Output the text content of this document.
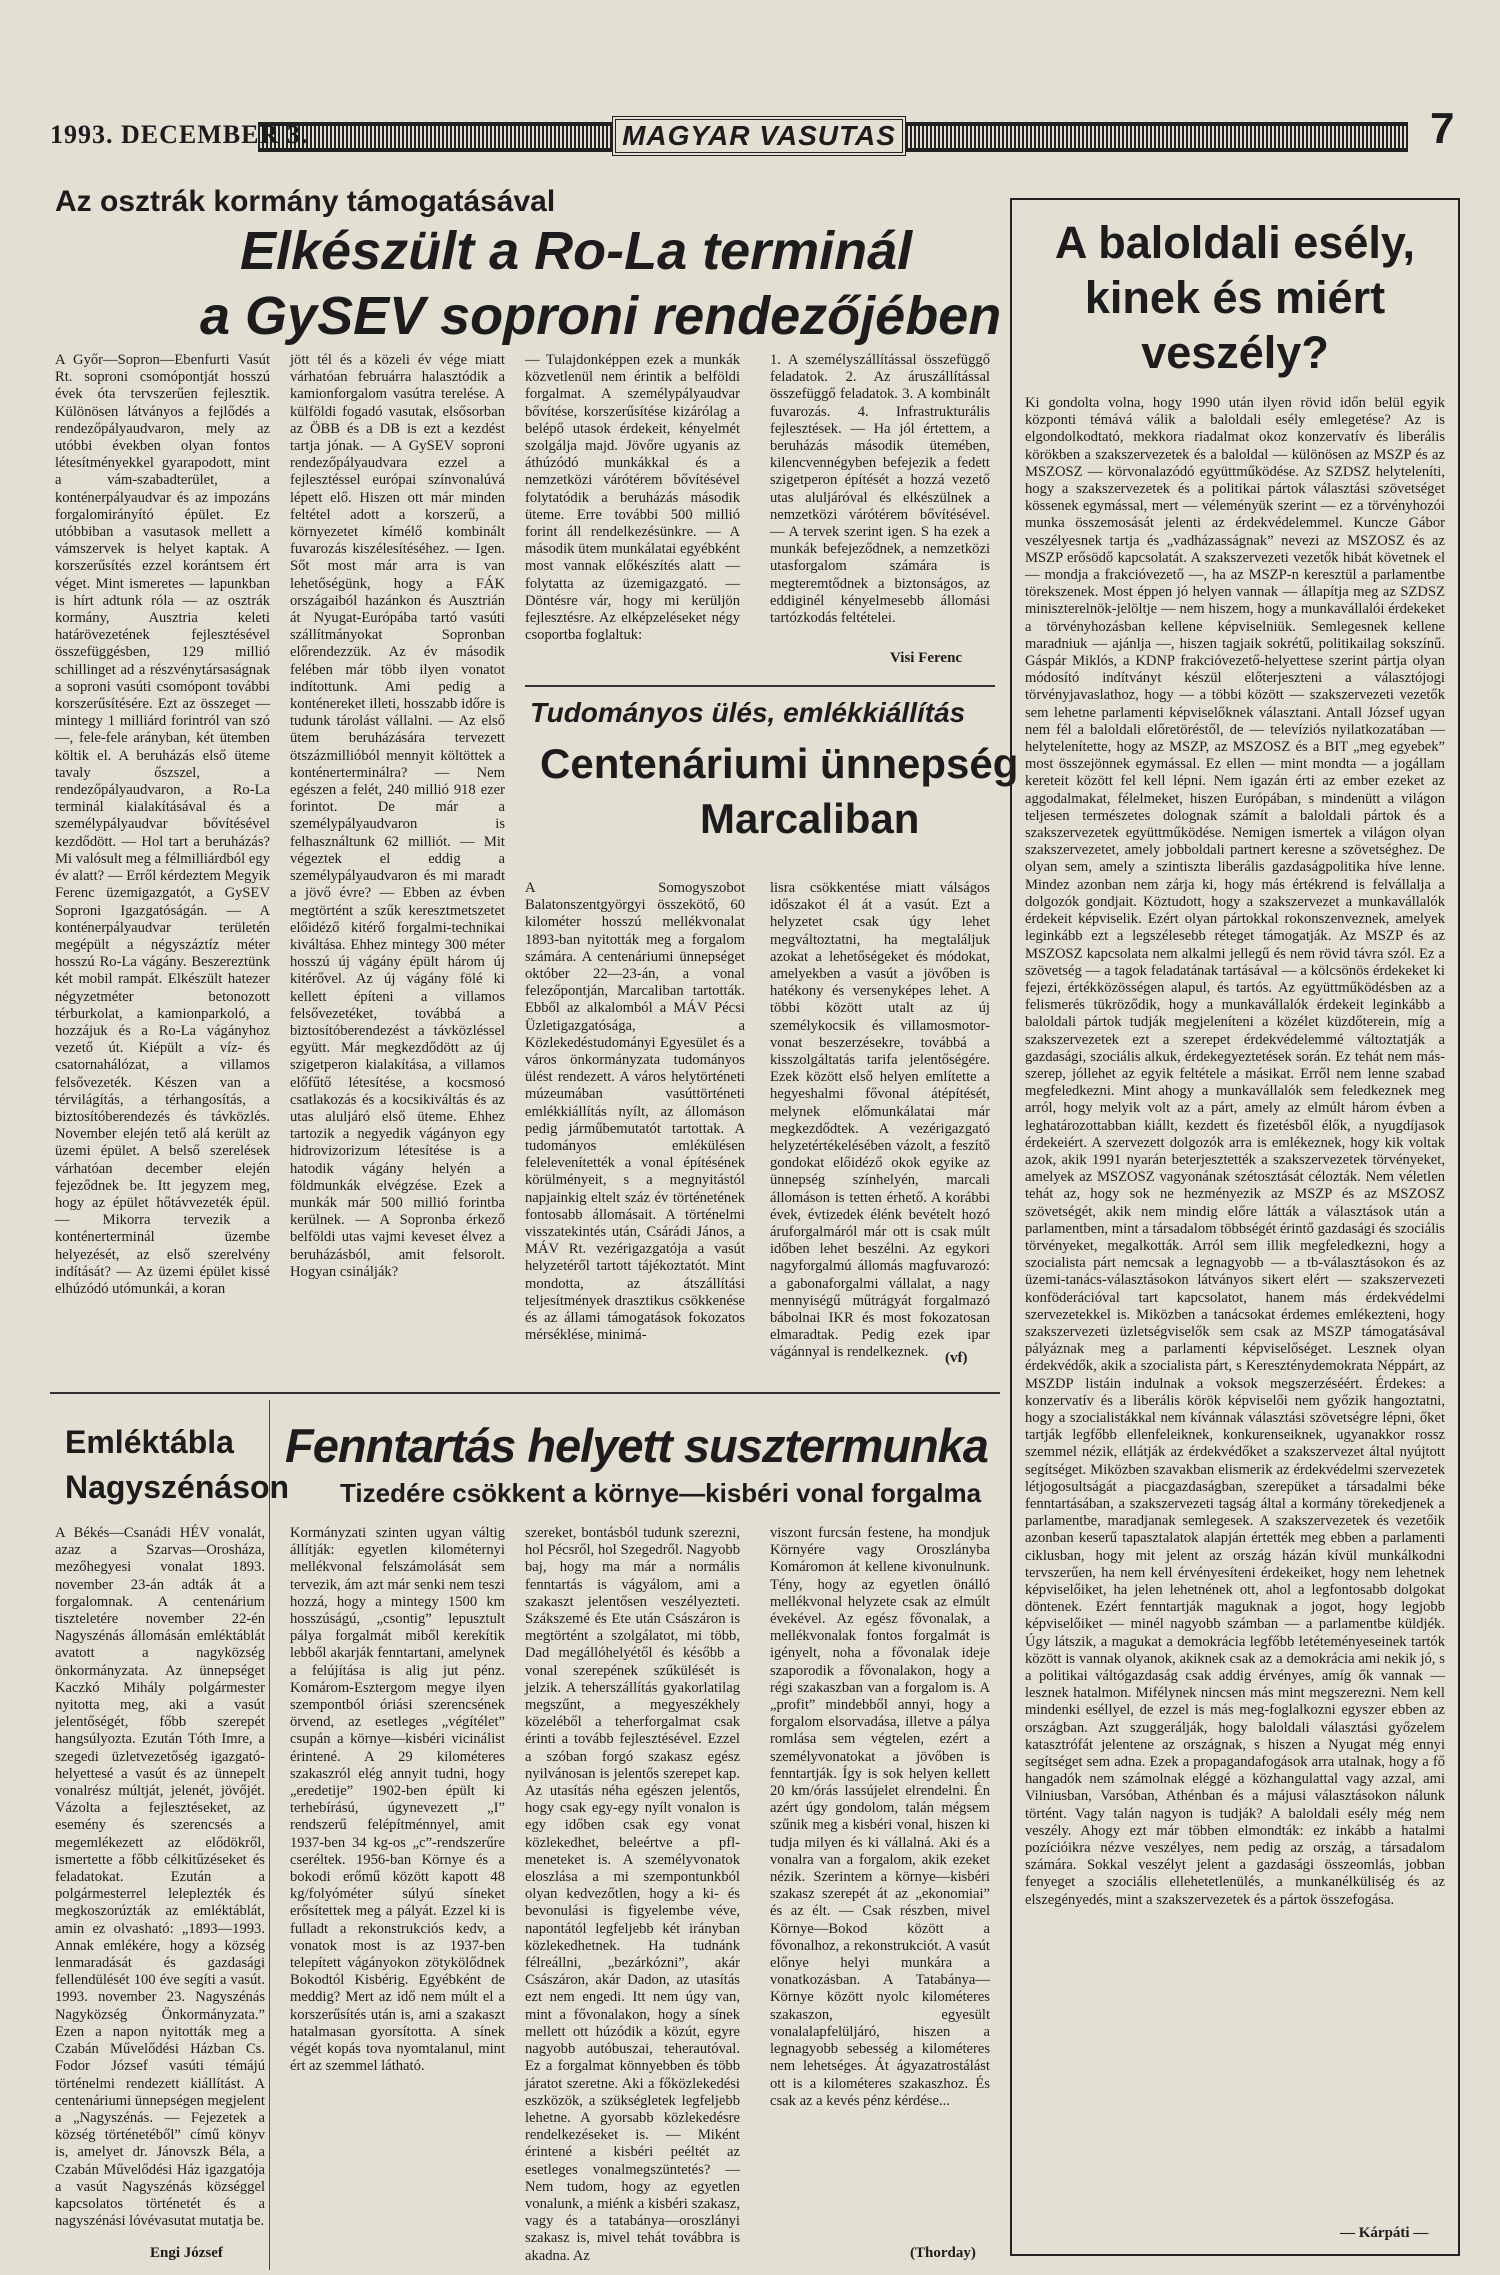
1993. DECEMBER 3.	MAGYAR VASUTAS	7
Az osztrák kormány támogatásával
Elkészült a Ro-La terminál
a GySEV soproni rendezőjében
A Győr—Sopron—Ebenfurti Vasút Rt. soproni csomópontját hosszú évek óta tervszerűen fejlesztik. Különösen látványos a fejlődés a rendezőpályaudvaron, mely az utóbbi években olyan fontos létesítményekkel gyarapodott, mint a vám-szabadterület, a konténerpályaudvar és az impozáns forgalomirányító épület. Ez utóbbiban a vasutasok mellett a vámszervek is helyet kaptak. A korszerűsítés ezzel korántsem ért véget. Mint ismeretes — lapunkban is hírt adtunk róla — az osztrák kormány, Ausztria keleti határövezetének fejlesztésével összefüggésben, 129 millió schillinget ad a részvénytársaságnak a soproni vasúti csomópont további korszerűsítésére. Ezt az összeget — mintegy 1 milliárd forintról van szó —, fele-fele arányban, két ütemben költik el. A beruházás első üteme tavaly őszszel, a rendezőpályaudvaron, a Ro-La terminál kialakításával és a személypályaudvar bővítésével kezdődött. — Hol tart a beruházás? Mi valósult meg a félmilliárdból egy év alatt? — Erről kérdeztem Megyik Ferenc üzemigazgatót, a GySEV Soproni Igazgatóságán. — A konténerpályaudvar területén megépült a négyszáztíz méter hosszú Ro-La vágány. Beszereztünk két mobil rampát. Elkészült hatezer négyzetméter betonozott térburkolat, a kamionparkoló, a hozzájuk és a Ro-La vágányhoz vezető út. Kiépült a víz- és csatornahálózat, a villamos felsővezeték. Készen van a térvilágítás, a térhangosítás, a biztosítóberendezés és távközlés. November elején tető alá került az üzemi épület. A belső szerelések várhatóan december elején fejeződnek be. Itt jegyzem meg, hogy az épület hőtávvezeték épül. — Mikorra tervezik a konténerterminál üzembe helyezését, az első szerelvény indítását? — Az üzemi épület kissé elhúzódó utómunkái, a koran
jött tél és a közeli év vége miatt várhatóan februárra halasztódik a kamionforgalom vasútra terelése. A külföldi fogadó vasutak, elsősorban az ÖBB és a DB is ezt a kezdést tartja jónak. — A GySEV soproni rendezőpályaudvara ezzel a fejlesztéssel európai színvonalúvá lépett elő. Hiszen ott már minden feltétel adott a korszerű, a környezetet kímélő kombinált fuvarozás kiszélesítéséhez. — Igen. Sőt most már arra is van lehetőségünk, hogy a FÁK országaiból hazánkon és Ausztrián át Nyugat-Európába tartó vasúti szállítmányokat Sopronban előrendezzük. Az év második felében már több ilyen vonatot indítottunk. Ami pedig a konténereket illeti, hosszabb időre is tudunk tárolást vállalni. — Az első ütem beruházására tervezett ötszázmillióból mennyit költöttek a konténerterminálra? — Nem egészen a felét, 240 millió 918 ezer forintot. De már a személypályaudvaron is felhasználtunk 62 milliót. — Mit végeztek el eddig a személypályaudvaron és mi maradt a jövő évre? — Ebben az évben megtörtént a szűk keresztmetszetet előidéző kitérő forgalmi-technikai kiváltása. Ehhez mintegy 300 méter hosszú új vágány épült három új kitérővel. Az új vágány fölé ki kellett építeni a villamos felsővezetéket, továbbá a biztosítóberendezést a távközléssel együtt. Már megkezdődött az új szigetperon kialakítása, a villamos előfűtő létesítése, a kocsmosó csatlakozás és a kocsikiváltás és az utas aluljáró első üteme. Ehhez tartozik a negyedik vágányon egy hidrovizorizum létesítése is a hatodik vágány helyén a földmunkák elvégzése. Ezek a munkák már 500 millió forintba kerülnek. — A Sopronba érkező belföldi utas vajmi keveset élvez a beruházásból, amit felsorolt. Hogyan csinálják?
— Tulajdonképpen ezek a munkák közvetlenül nem érintik a belföldi forgalmat. A személypályaudvar bővítése, korszerűsítése kizárólag a belépő utasok érdekeit, kényelmét szolgálja majd. Jövőre ugyanis az áthúzódó munkákkal és a nemzetközi várótérem bővítésével folytatódik a beruházás második üteme. Erre további 500 millió forint áll rendelkezésünkre. — A második ütem munkálatai egyébként most vannak előkészítés alatt — folytatta az üzemigazgató. — Döntésre vár, hogy mi kerüljön fejlesztésre. Az elképzeléseket négy csoportba foglaltuk:
1. A személyszállítással összefüggő feladatok. 2. Az áruszállítással összefüggő feladatok. 3. A kombinált fuvarozás. 4. Infrastrukturális fejlesztések. — Ha jól értettem, a beruházás második ütemében, kilencvennégyben befejezik a fedett szigetperon építését a hozzá vezető utas aluljáróval és elkészülnek a nemzetközi várótérem bővítésével. — A tervek szerint igen. S ha ezek a munkák befejeződnek, a nemzetközi utasforgalom számára is megteremtődnek a biztonságos, az eddiginél kényelmesebb állomási tartózkodás feltételei.
Visi Ferenc
Tudományos ülés, emlékkiállítás
Centenáriumi ünnepség
Marcaliban
A Somogyszobot Balatonszentgyörgyi összekötő, 60 kilométer hosszú mellékvonalat 1893-ban nyitották meg a forgalom számára. A centenáriumi ünnepséget október 22—23-án, a vonal felezőpontján, Marcaliban tartották. Ebből az alkalomból a MÁV Pécsi Üzletigazgatósága, a Közlekedéstudományi Egyesület és a város önkormányzata tudományos ülést rendezett. A város helytörténeti múzeumában vasúttörténeti emlékkiállítás nyílt, az állomáson pedig járműbemutatót tartottak. A tudományos emlékülésen felelevenítették a vonal építésének körülményeit, s a megnyitástól napjainkig eltelt száz év történetének fontosabb állomásait. A történelmi visszatekintés után, Csárádi János, a MÁV Rt. vezérigazgatója a vasút helyzetéről tartott tájékoztatót. Mint mondotta, az átszállítási teljesítmények drasztikus csökkenése és az állami támogatások fokozatos mérséklése, minimá-
lisra csökkentése miatt válságos időszakot él át a vasút. Ezt a helyzetet csak úgy lehet megváltoztatni, ha megtaláljuk azokat a lehetőségeket és módokat, amelyekben a vasút a jövőben is hatékony és versenyképes lehet. A többi között utalt az új személykocsik és villamosmotor-vonat beszerzésekre, továbbá a kisszolgáltatás tarifa jelentőségére. Ezek között első helyen említette a hegyeshalmi fővonal átépítését, melynek előmunkálatai már megkezdődtek. A vezérigazgató helyzetértékelésében vázolt, a feszítő gondokat előidéző okok egyike az ünnepség színhelyén, marcali állomáson is tetten érhető. A korábbi évek, évtizedek élénk bevételt hozó áruforgalmáról már ott is csak múlt időben lehet beszélni. Az egykori nagyforgalmú állomás magfuvarozó: a gabonaforgalmi vállalat, a nagy mennyiségű műtrágyát forgalmazó bábolnai IKR és most fokozatosan elmaradtak. Pedig ezek ipar vágánnyal is rendelkeznek.	(vf)
Emléktábla Nagyszénáson
A Békés—Csanádi HÉV vonalát, azaz a Szarvas—Orosháza, mezőhegyesi vonalat 1893. november 23-án adták át a forgalomnak. A centenárium tiszteletére november 22-én Nagyszénás állomásán emléktáblát avatott a nagyközség önkormányzata. Az ünnepséget Kaczkó Mihály polgármester nyitotta meg, aki a vasút jelentőségét, főbb szerepét hangsúlyozta. Ezután Tóth Imre, a szegedi üzletvezetőség igazgató-helyettesé a vasút és az ünnepelt vonalrész múltját, jelenét, jövőjét. Vázolta a fejlesztéseket, az esemény és szerencsés a megemlékezett az elődökről, ismertette a főbb célkitűzéseket és feladatokat. Ezután a polgármesterrel leleplezték és megkoszorúzták az emléktáblát, amin ez olvasható: „1893—1993. Annak emlékére, hogy a község lenmaradását és gazdasági fellendülését 100 éve segíti a vasút. 1993. november 23. Nagyszénás Nagyközség Önkormányzata.” Ezen a napon nyitották meg a Czabán Művelődési Házban Cs. Fodor József vasúti témájú történelmi rendezett kiállítást. A centenáriumi ünnepségen megjelent a „Nagyszénás. — Fejezetek a község történetéből” című könyv is, amelyet dr. Jánovszk Béla, a Czabán Művelődési Ház igazgatója a vasút Nagyszénás községgel kapcsolatos történetét és a nagyszénási lóvévasutat mutatja be.
Engi József
Fenntartás helyett susztermunka
Tizedére csökkent a környe—kisbéri vonal forgalma
Kormányzati szinten ugyan váltig állítják: egyetlen kilométernyi mellékvonal felszámolását sem tervezik, ám azt már senki nem teszi hozzá, hogy a mintegy 1500 km hosszúságú, „csontig” lepusztult pálya forgalmát miből kerekítik lebből akarják fenntartani, amelynek a felújítása is alig jut pénz. Komárom-Esztergom megye ilyen szempontból óriási szerencsének örvend, az esetleges „végítélet” csupán a környe—kisbéri vicinálist érintené. A 29 kilométeres szakaszról elég annyit tudni, hogy „eredetije” 1902-ben épült ki terhebírású, úgynevezett „I” rendszerű felépítménnyel, amit 1937-ben 34 kg-os „c”-rendszerűre cseréltek. 1956-ban Környe és a bokodi erőmű között kapott 48 kg/folyóméter súlyú síneket erősítettek meg a pályát. Ezzel ki is fulladt a rekonstrukciós kedv, a vonatok most is az 1937-ben telepített vágányokon zötykölődnek Bokodtól Kisbérig. Egyébként de meddig? Mert az idő nem múlt el a korszerűsítés után is, ami a szakaszt hatalmasan gyorsította. A sínek végét kopás tova nyomtalanul, mint ért az szemmel látható.
szereket, bontásból tudunk szerezni, hol Pécsről, hol Szegedről. Nagyobb baj, hogy ma már a normális fenntartás is vágyálom, ami a szakaszt jelentősen veszélyezteti. Szákszemé és Ete után Császáron is megtörtént a szolgálatot, mi több, Dad megállóhelyétől és később a vonal szerepének szűkülését is jelzik. A teherszállítás gyakorlatilag megszűnt, a megyeszékhely közeléből a teherforgalmat csak érinti a tovább fejlesztésével. Ezzel a szóban forgó szakasz egész nyilvánosan is jelentős szerepet kap. Az utasítás néha egészen jelentős, hogy csak egy-egy nyílt vonalon is egy időben csak egy vonat közlekedhet, beleértve a pfl-meneteket is. A személyvonatok eloszlása a mi szempontunkból olyan kedvezőtlen, hogy a ki- és bevonulási is figyelembe véve, napontától legfeljebb két irányban közlekedhetnek. Ha tudnánk félreállni, „bezárkózni”, akár Császáron, akár Dadon, az utasítás ezt nem engedi. Itt nem úgy van, mint a fővonalakon, hogy a sínek mellett ott húzódik a közút, egyre nagyobb autóbuszai, teherautóval. Ez a forgalmat könnyebben és több járatot szeretne. Aki a főközlekedési eszközök, a szükségletek legfeljebb lehetne. A gyorsabb közlekedésre rendelkezéseket is. — Miként érintené a kisbéri peéltét az esetleges vonalmegszüntetés? — Nem tudom, hogy az egyetlen vonalunk, a miénk a kisbéri szakasz, vagy és a tatabánya—oroszlányi szakasz is, mivel tehát továbbra is akadna. Az
viszont furcsán festene, ha mondjuk Környére vagy Oroszlányba Komáromon át kellene kivonulnunk. Tény, hogy az egyetlen önálló mellékvonal helyzete csak az elmúlt évekével. Az egész fővonalak, a mellékvonalak fontos forgalmát is igényelt, noha a fővonalak ideje szaporodik a fővonalakon, hogy a régi szakaszban van a forgalom is. A „profit” mindebből annyi, hogy a forgalom elsorvadása, illetve a pálya romlása sem végtelen, ezért a személyvonatokat a jövőben is fenntartják. Így is sok helyen kellett 20 km/órás lassújelet elrendelni. Én azért úgy gondolom, talán mégsem szűnik meg a kisbéri vonal, hiszen ki tudja milyen és ki vállalná. Aki és a vonalra van a forgalom, akik ezeket nézik. Szerintem a környe—kisbéri szakasz szerepét át az „ekonomiai” és az élt. — Csak részben, mivel Környe—Bokod között a fővonalhoz, a rekonstrukciót. A vasút előnye helyi munkára a vonatkozásban. A Tatabánya—Környe között nyolc kilométeres szakaszon, egyesült vonalalapfelüljáró, hiszen a legnagyobb sebesség a kilométeres nem lehetséges. Át ágyazatrostálást ott is a kilométeres szakaszhoz. És csak az a kevés pénz kérdése...
(Thorday)
A baloldali esély, kinek és miért veszély?
Ki gondolta volna, hogy 1990 után ilyen rövid időn belül egyik központi témává válik a baloldali esély emlegetése? Az is elgondolkodtató, mekkora riadalmat okoz konzervatív és liberális körökben a szakszervezetek és a baloldal — különösen az MSZP és az MSZOSZ — körvonalazódó együttműködése. Az SZDSZ helyteleníti, hogy a szakszervezetek és a politikai pártok választási szövetséget kössenek egymással, mert — véleményük szerint — ez a törvényhozói munka összemosását jelenti az érdekvédelemmel. Kuncze Gábor veszélyesnek tartja és „vadházasságnak” nevezi az MSZOSZ és az MSZP erősödő kapcsolatát. A szakszervezeti vezetők hibát követnek el — mondja a frakcióvezető —, ha az MSZP-n keresztül a parlamentbe törekszenek. Most éppen jó helyen vannak — állapítja meg az SZDSZ miniszterelnök-jelöltje — nem hiszem, hogy a munkavállalói érdekeket a törvényhozásban kellene képviselniük. Semlegesnek kellene maradniuk — ajánlja —, hiszen tagjaik sokrétű, politikailag sokszínű. Gáspár Miklós, a KDNP frakcióvezető-helyettese szerint pártja olyan módosító indítványt készül előterjeszteni a választójogi törvényjavaslathoz, hogy — a többi között — szakszervezeti vezetők sem lehetne parlamenti képviselőknek választani. Antall József ugyan nem fél a baloldali előretöréstől, de — televíziós nyilatkozatában — helytelenítette, hogy az MSZP, az MSZOSZ és a BIT „meg egyebek” most összejönnek egymással. Ez ellen — mint mondta — a jogállam kereteit között fel kell lépni. Nem igazán érti az ember ezeket az aggodalmakat, félelmeket, hiszen Európában, s mindenütt a világon teljesen természetes dolognak számít a baloldali pártok és a szakszervezetek együttműködése. Nemigen ismertek a világon olyan szakszervezetet, amely jobboldali partnert keresne a szövetséghez. De olyan sem, amely a szintiszta liberális gazdaságpolitika híve lenne. Mindez azonban nem zárja ki, hogy más értékrend is felvállalja a dolgozók gondjait. Köztudott, hogy a szakszervezet a munkavállalók érdekeit képviselik. Ezért olyan pártokkal rokonszenveznek, amelyek leginkább ezt a legszélesebb réteget támogatják. Az MSZP és az MSZOSZ kapcsolata nem alkalmi jellegű és nem rövid távra szól. Ez a szövetség — a tagok feladatának tartásával — a kölcsönös érdekeket ki fejezi, értékközösségen alapul, és tartós. Az együttműködésben az a felismerés tükröződik, hogy a munkavállalók érdekeit leginkább a baloldali pártok tudják megjeleníteni a közélet küzdőterein, míg a szakszervezetek ezt a szerepet érdekvédelemmé változtatják a gazdasági, szociális alkuk, érdekegyeztetések során. Ez tehát nem más-szerep, jóllehet az egyik feltétele a másikat. Erről nem lenne szabad megfeledkezni. Mint ahogy a munkavállalók sem feledkeznek meg arról, hogy melyik volt az a párt, amely az elmúlt három évben a leghatározottabban kiállt, kezdett és fizetésből élők, a nyugdíjasok érdekeiért. A szervezett dolgozók arra is emlékeznek, hogy kik voltak azok, akik 1991 nyarán beterjesztették a szakszervezetek törvényeket, amelyek az MSZOSZ vagyonának szétosztását célozták. Nem véletlen tehát az, hogy sok ne hezményezik az MSZP és az MSZOSZ szövetségét, akik nem mindig előre látták a választások után a parlamentben, mint a társadalom többségét érintő gazdasági és szociális törvényeket, megalkották. Arról sem illik megfeledkezni, hogy a szocialista párt nemcsak a legnagyobb — a tb-választásokon és az üzemi-tanács-választásokon látványos sikert elért — szakszervezeti konföderációval tart kapcsolatot, hanem más érdekvédelmi szervezetekkel is. Miközben a tanácsokat érdemes emlékezteni, hogy szakszervezeti üzletségviselők sem csak az MSZP támogatásával pályáznak meg a parlamenti képviselőséget. Lesznek olyan érdekvédők, akik a szocialista párt, s Kereszténydemokrata Néppárt, az MSZDP listáin indulnak a voksok megszerzéséért. Érdekes: a konzervatív és a liberális körök képviselői nem győzik hangoztatni, hogy a szocialistákkal nem kívánnak választási szövetségre lépni, őket tartják legfőbb ellenfeleiknek, konkurenseiknek, ugyanakkor rossz szemmel nézik, ellátják az érdekvédőket a szakszervezet által nyújtott segítséget. Miközben szavakban elismerik az érdekvédelmi szervezetek létjogosultságát a piacgazdaságban, szerepüket a társadalmi béke fenntartásában, a szakszervezeti tagság által a kormány törekedjenek a parlamentbe, maradjanak semlegesek. A szakszervezetek és vezetőik azonban keserű tapasztalatok alapján értették meg ebben a parlamenti ciklusban, hogy mit jelent az ország házán kívül munkálkodni tervszerűen, ha nem kell érvényesíteni érdekeiket, hogy nem lehetnek képviselőiket, ha jelen lehetnének ott, ahol a legfontosabb dolgokat döntenek. Ezért fenntartják maguknak a jogot, hogy legjobb képviselőiket — minél nagyobb számban — a parlamentbe küldjék. Úgy látszik, a magukat a demokrácia legfőbb letéteményeseinek tartók között is vannak olyanok, akiknek csak az a demokrácia ami nekik jó, s a politikai váltógazdaság csak addig érvényes, amíg ők vannak — lesznek hatalmon. Mifélynek nincsen más mint megszerezni. Nem kell mindenki eséllyel, de ezzel is más meg-foglalkozni egyszer ebben az országban. Azt szuggerálják, hogy baloldali választási győzelem katasztrófát jelentene az országnak, s hiszen a Nyugat még ennyi segítséget sem adna. Ezek a propagandafogások arra utalnak, hogy a fő hangadók nem számolnak eléggé a közhangulattal vagy azzal, ami Vilniusban, Varsóban, Athénban és a májusi választásokon nálunk történt. Vagy talán nagyon is tudják? A baloldali esély még nem veszély. Ahogy ezt már többen elmondták: ez inkább a hatalmi pozícióikra nézve veszélyes, nem pedig az ország, a társadalom számára. Sokkal veszélyt jelent a gazdasági összeomlás, jobban fenyeget a szociális ellehetetlenülés, a munkanélküliség és az elszegényedés, mint a szakszervezetek és a pártok összefogása.
— Kárpáti —
